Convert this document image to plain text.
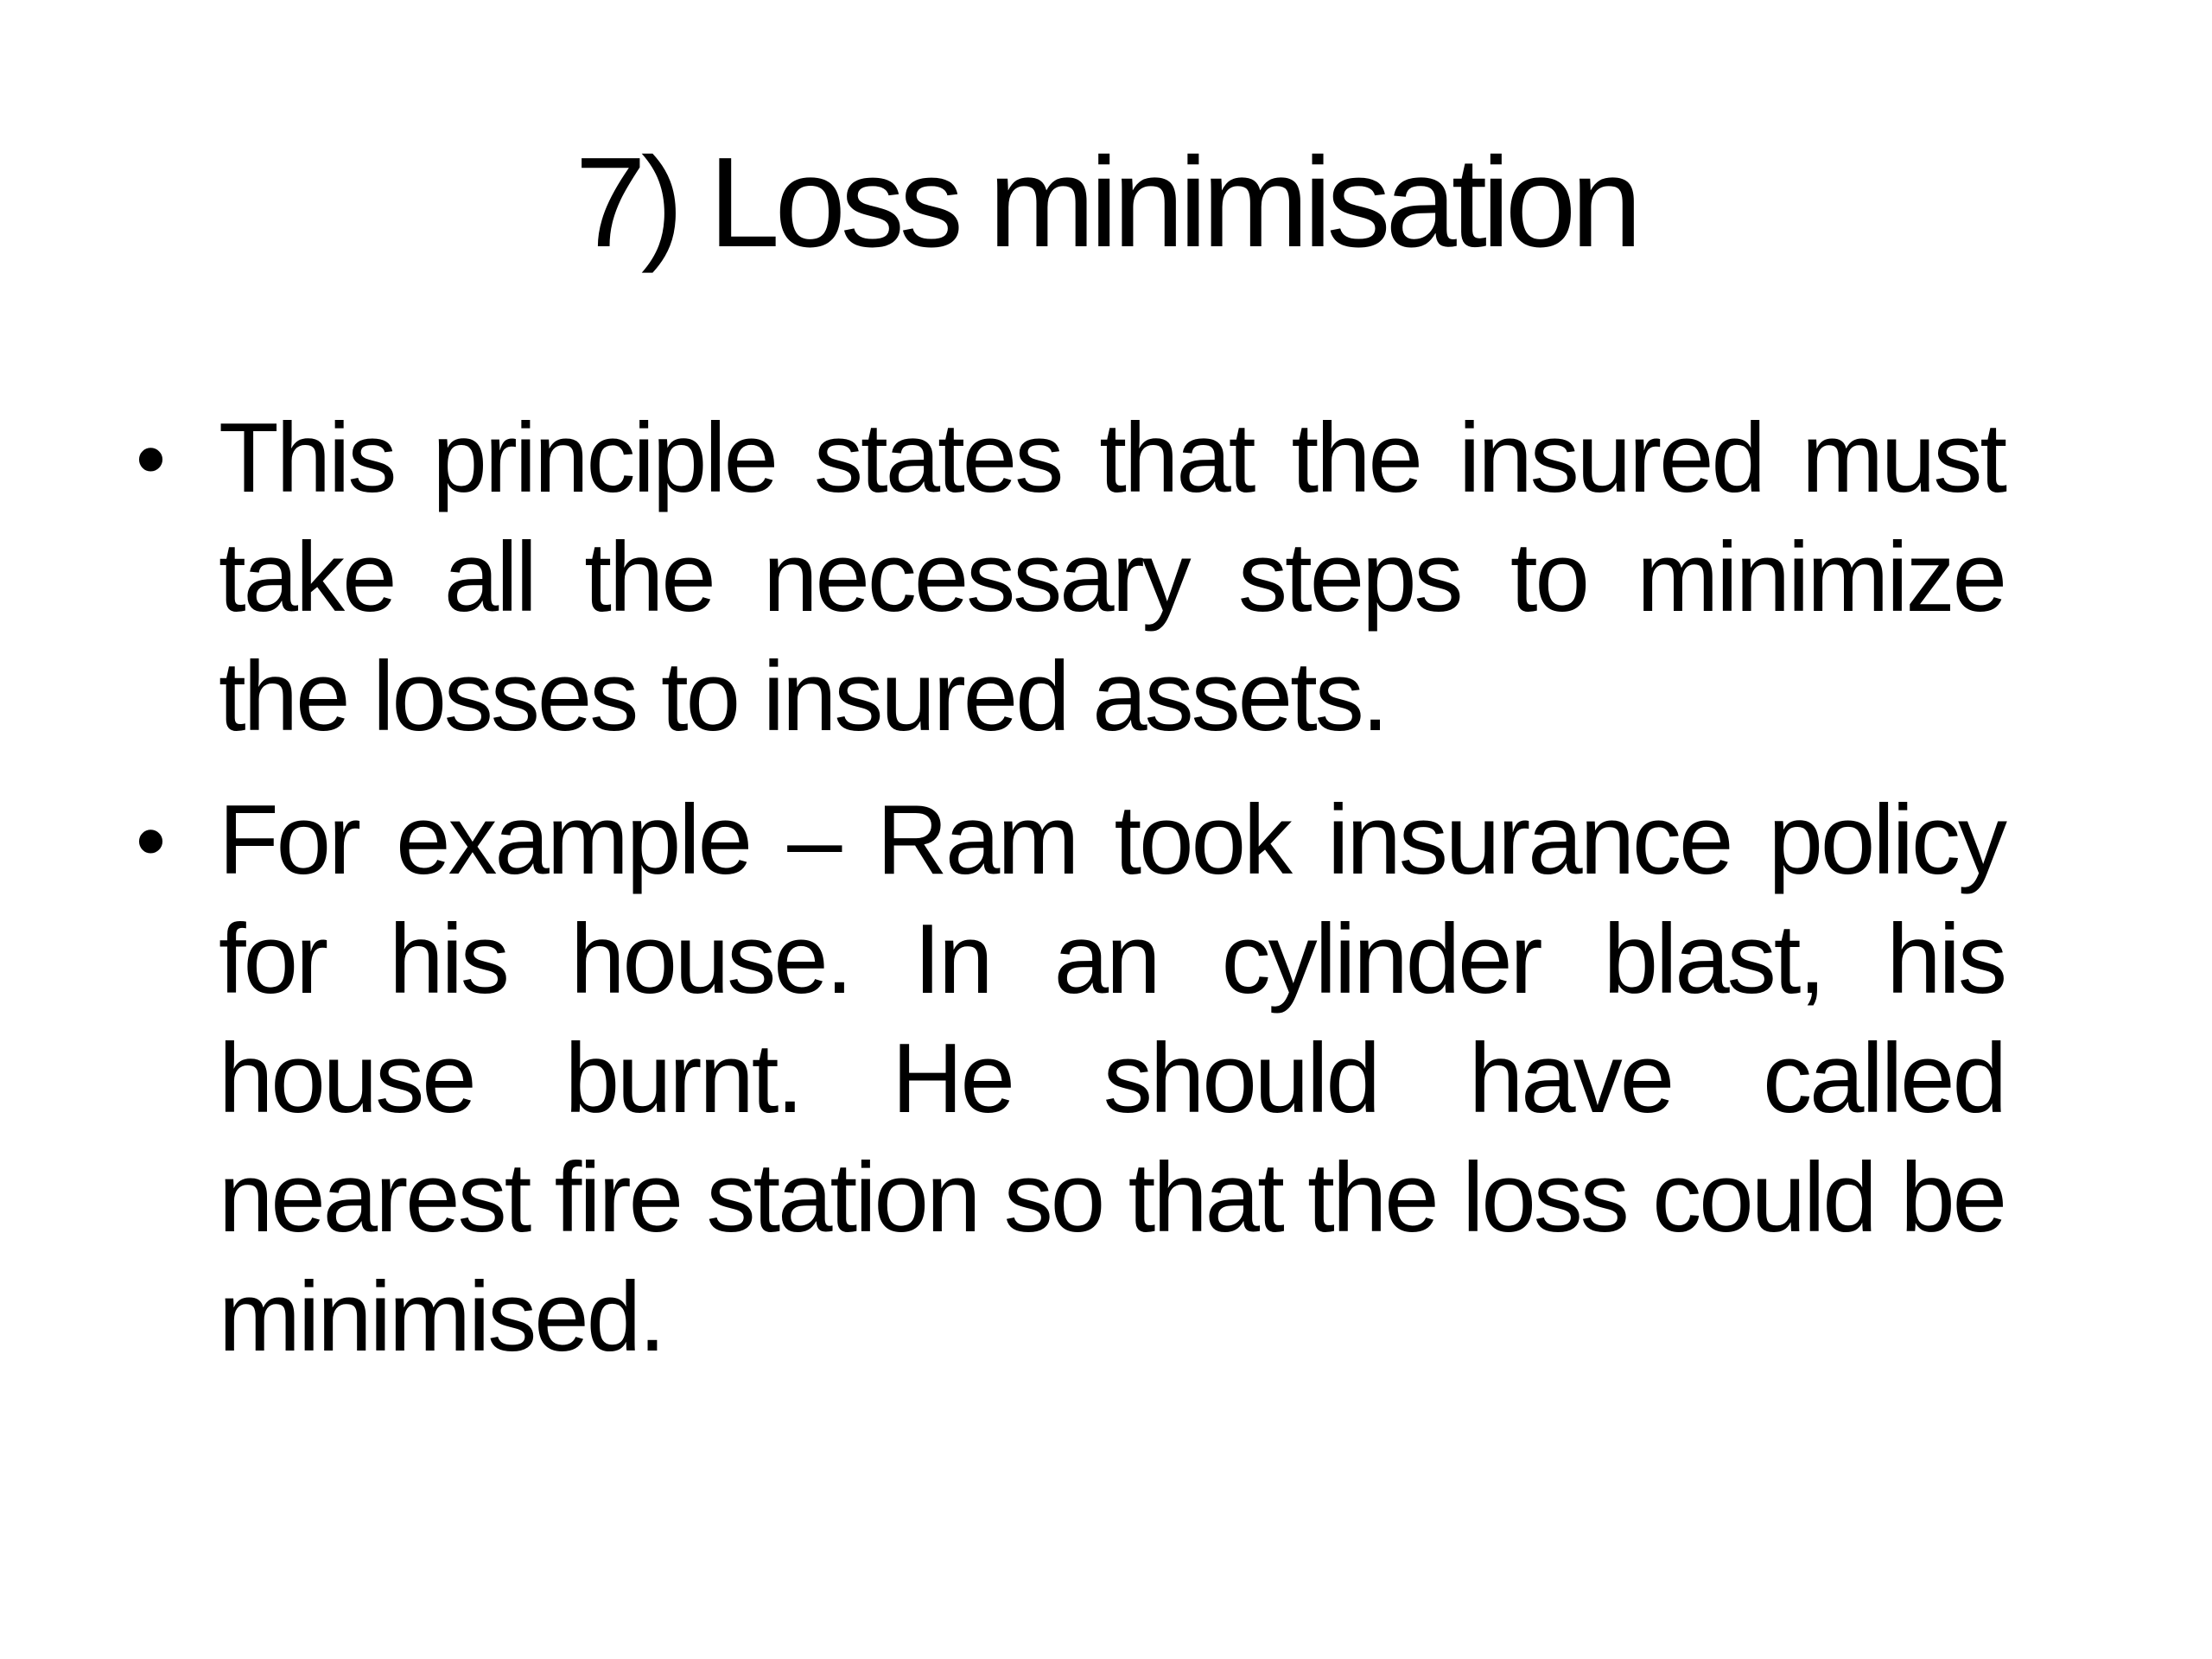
7) Loss minimisation
• This principle states that the insured must take all the necessary steps to minimize the losses to insured assets.
• For example – Ram took insurance policy for his house. In an cylinder blast, his house burnt. He should have called nearest fire station so that the loss could be minimised.
